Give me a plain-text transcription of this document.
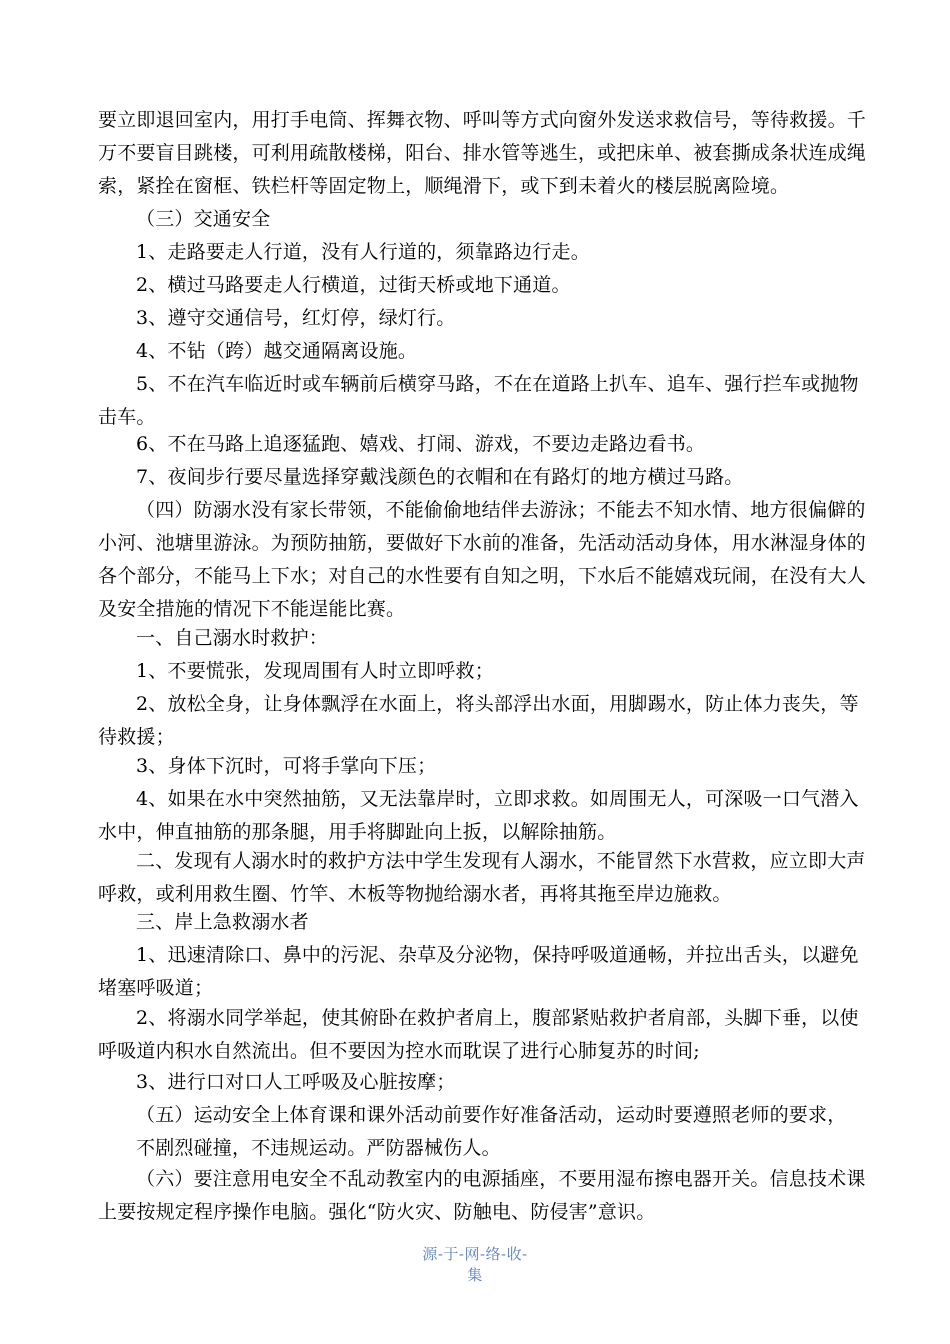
要立即退回室内，用打手电筒、挥舞衣物、呼叫等方式向窗外发送求救信号，等待救援。千万不要盲目跳楼，可利用疏散楼梯，阳台、排水管等逃生，或把床单、被套撕成条状连成绳索，紧拴在窗框、铁栏杆等固定物上，顺绳滑下，或下到未着火的楼层脱离险境。

（三）交通安全

1、走路要走人行道，没有人行道的，须靠路边行走。

2、横过马路要走人行横道，过街天桥或地下通道。

3、遵守交通信号，红灯停，绿灯行。

4、不钻（跨）越交通隔离设施。

5、不在汽车临近时或车辆前后横穿马路，不在在道路上扒车、追车、强行拦车或抛物击车。

6、不在马路上追逐猛跑、嬉戏、打闹、游戏，不要边走路边看书。

7、夜间步行要尽量选择穿戴浅颜色的衣帽和在有路灯的地方横过马路。

（四）防溺水没有家长带领，不能偷偷地结伴去游泳；不能去不知水情、地方很偏僻的小河、池塘里游泳。为预防抽筋，要做好下水前的准备，先活动活动身体，用水淋湿身体的各个部分，不能马上下水；对自己的水性要有自知之明，下水后不能嬉戏玩闹，在没有大人及安全措施的情况下不能逞能比赛。

一、自己溺水时救护：

1、不要慌张，发现周围有人时立即呼救；

2、放松全身，让身体飘浮在水面上，将头部浮出水面，用脚踢水，防止体力丧失，等待救援；

3、身体下沉时，可将手掌向下压；

4、如果在水中突然抽筋，又无法靠岸时，立即求救。如周围无人，可深吸一口气潜入水中，伸直抽筋的那条腿，用手将脚趾向上扳，以解除抽筋。

二、发现有人溺水时的救护方法中学生发现有人溺水，不能冒然下水营救，应立即大声呼救，或利用救生圈、竹竿、木板等物抛给溺水者，再将其拖至岸边施救。

三、岸上急救溺水者

1、迅速清除口、鼻中的污泥、杂草及分泌物，保持呼吸道通畅，并拉出舌头，以避免堵塞呼吸道；

2、将溺水同学举起，使其俯卧在救护者肩上，腹部紧贴救护者肩部，头脚下垂，以使呼吸道内积水自然流出。但不要因为控水而耽误了进行心肺复苏的时间;

3、进行口对口人工呼吸及心脏按摩；

（五）运动安全上体育课和课外活动前要作好准备活动，运动时要遵照老师的要求，

不剧烈碰撞，不违规运动。严防器械伤人。

（六）要注意用电安全不乱动教室内的电源插座，不要用湿布擦电器开关。信息技术课上要按规定程序操作电脑。强化“防火灾、防触电、防侵害”意识。

源-于-网-络-收-
集
